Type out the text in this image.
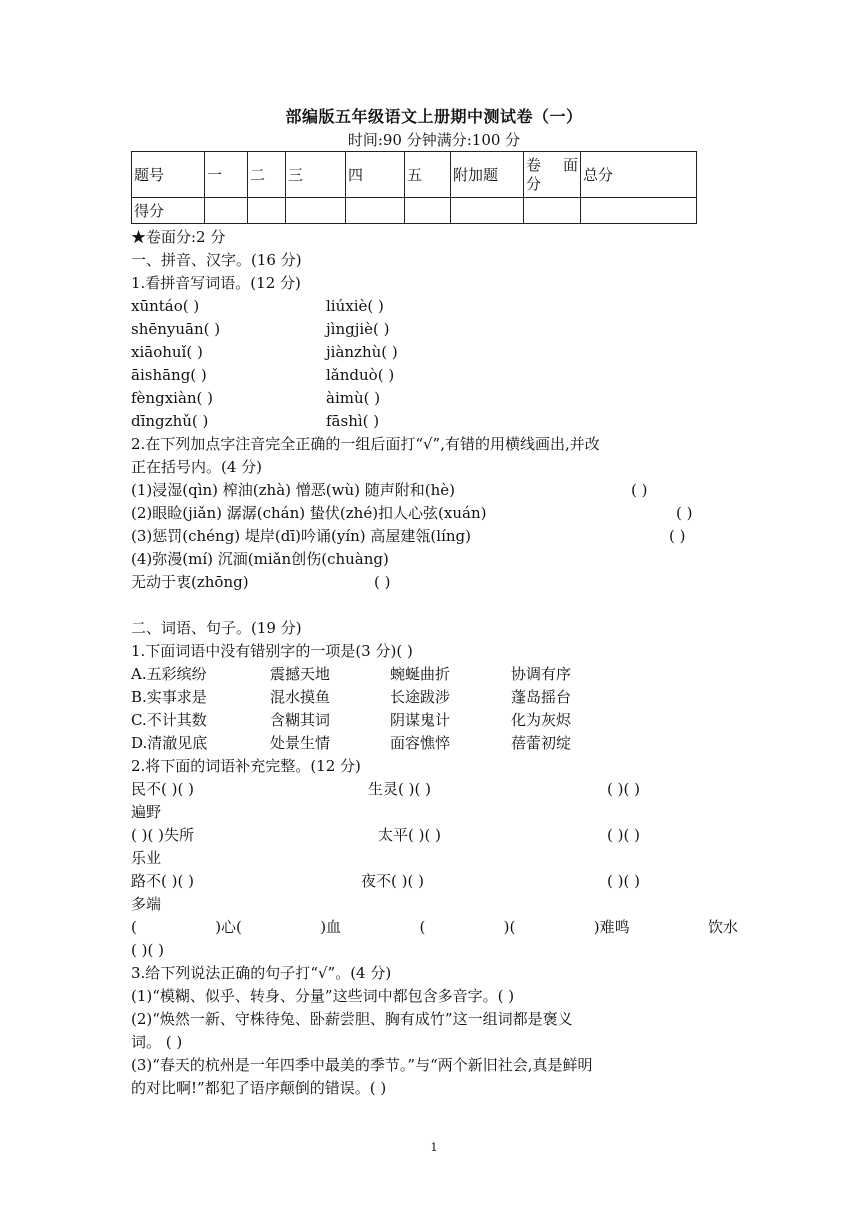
部编版五年级语文上册期中测试卷（一）
时间:90 分钟满分:100 分
题号	一	二	三	四	五	附加题	卷 面
分	总分
得分								
★卷面分:2 分
一、拼音、汉字。(16 分)
1.看拼音写词语。(12 分)
xūntáo( )	liúxiè( )
shēnyuān( )	jìngjiè( )
xiāohuǐ( )	jiànzhù( )
āishāng( )	lǎnduò( )
fèngxiàn( )	àimù( )
dīngzhǔ( )	fāshì( )
2.在下列加点字注音完全正确的一组后面打“√”,有错的用横线画出,并改
正在括号内。(4 分)
(1)浸湿(qìn) 榨油(zhà) 憎恶(wù) 随声附和(hè)	( )
(2)眼睑(jiǎn) 潺潺(chán) 蛰伏(zhé)扣人心弦(xuán)	( )
(3)惩罚(chéng) 堤岸(dī)吟诵(yín) 高屋建瓴(líng)	( )
(4)弥漫(mí) 沉湎(miǎn创伤(chuàng)
无动于衷(zhōng)	( )
二、词语、句子。(19 分)
1.下面词语中没有错别字的一项是(3 分)( )
A.五彩缤纷	震撼天地	蜿蜒曲折	协调有序
B.实事求是	混水摸鱼	长途跋涉	蓬岛摇台
C.不计其数	含糊其词	阴谋鬼计	化为灰烬
D.清澈见底	处景生情	面容憔悴	蓓蕾初绽
2.将下面的词语补充完整。(12 分)
民不( )( )	生灵( )( )	( )( )
遍野
( )( )失所	太平( )( )	( )( )
乐业
路不( )( )	夜不( )( )	( )( )
多端
(	)心(	)血	(	)(	)难鸣	饮水
( )( )
3.给下列说法正确的句子打“√”。(4 分)
(1)“模糊、似乎、转身、分量”这些词中都包含多音字。( )
(2)“焕然一新、守株待兔、卧薪尝胆、胸有成竹”这一组词都是褒义
词。 ( )
(3)“春天的杭州是一年四季中最美的季节。”与“两个新旧社会,真是鲜明
的对比啊!”都犯了语序颠倒的错误。( )
1
